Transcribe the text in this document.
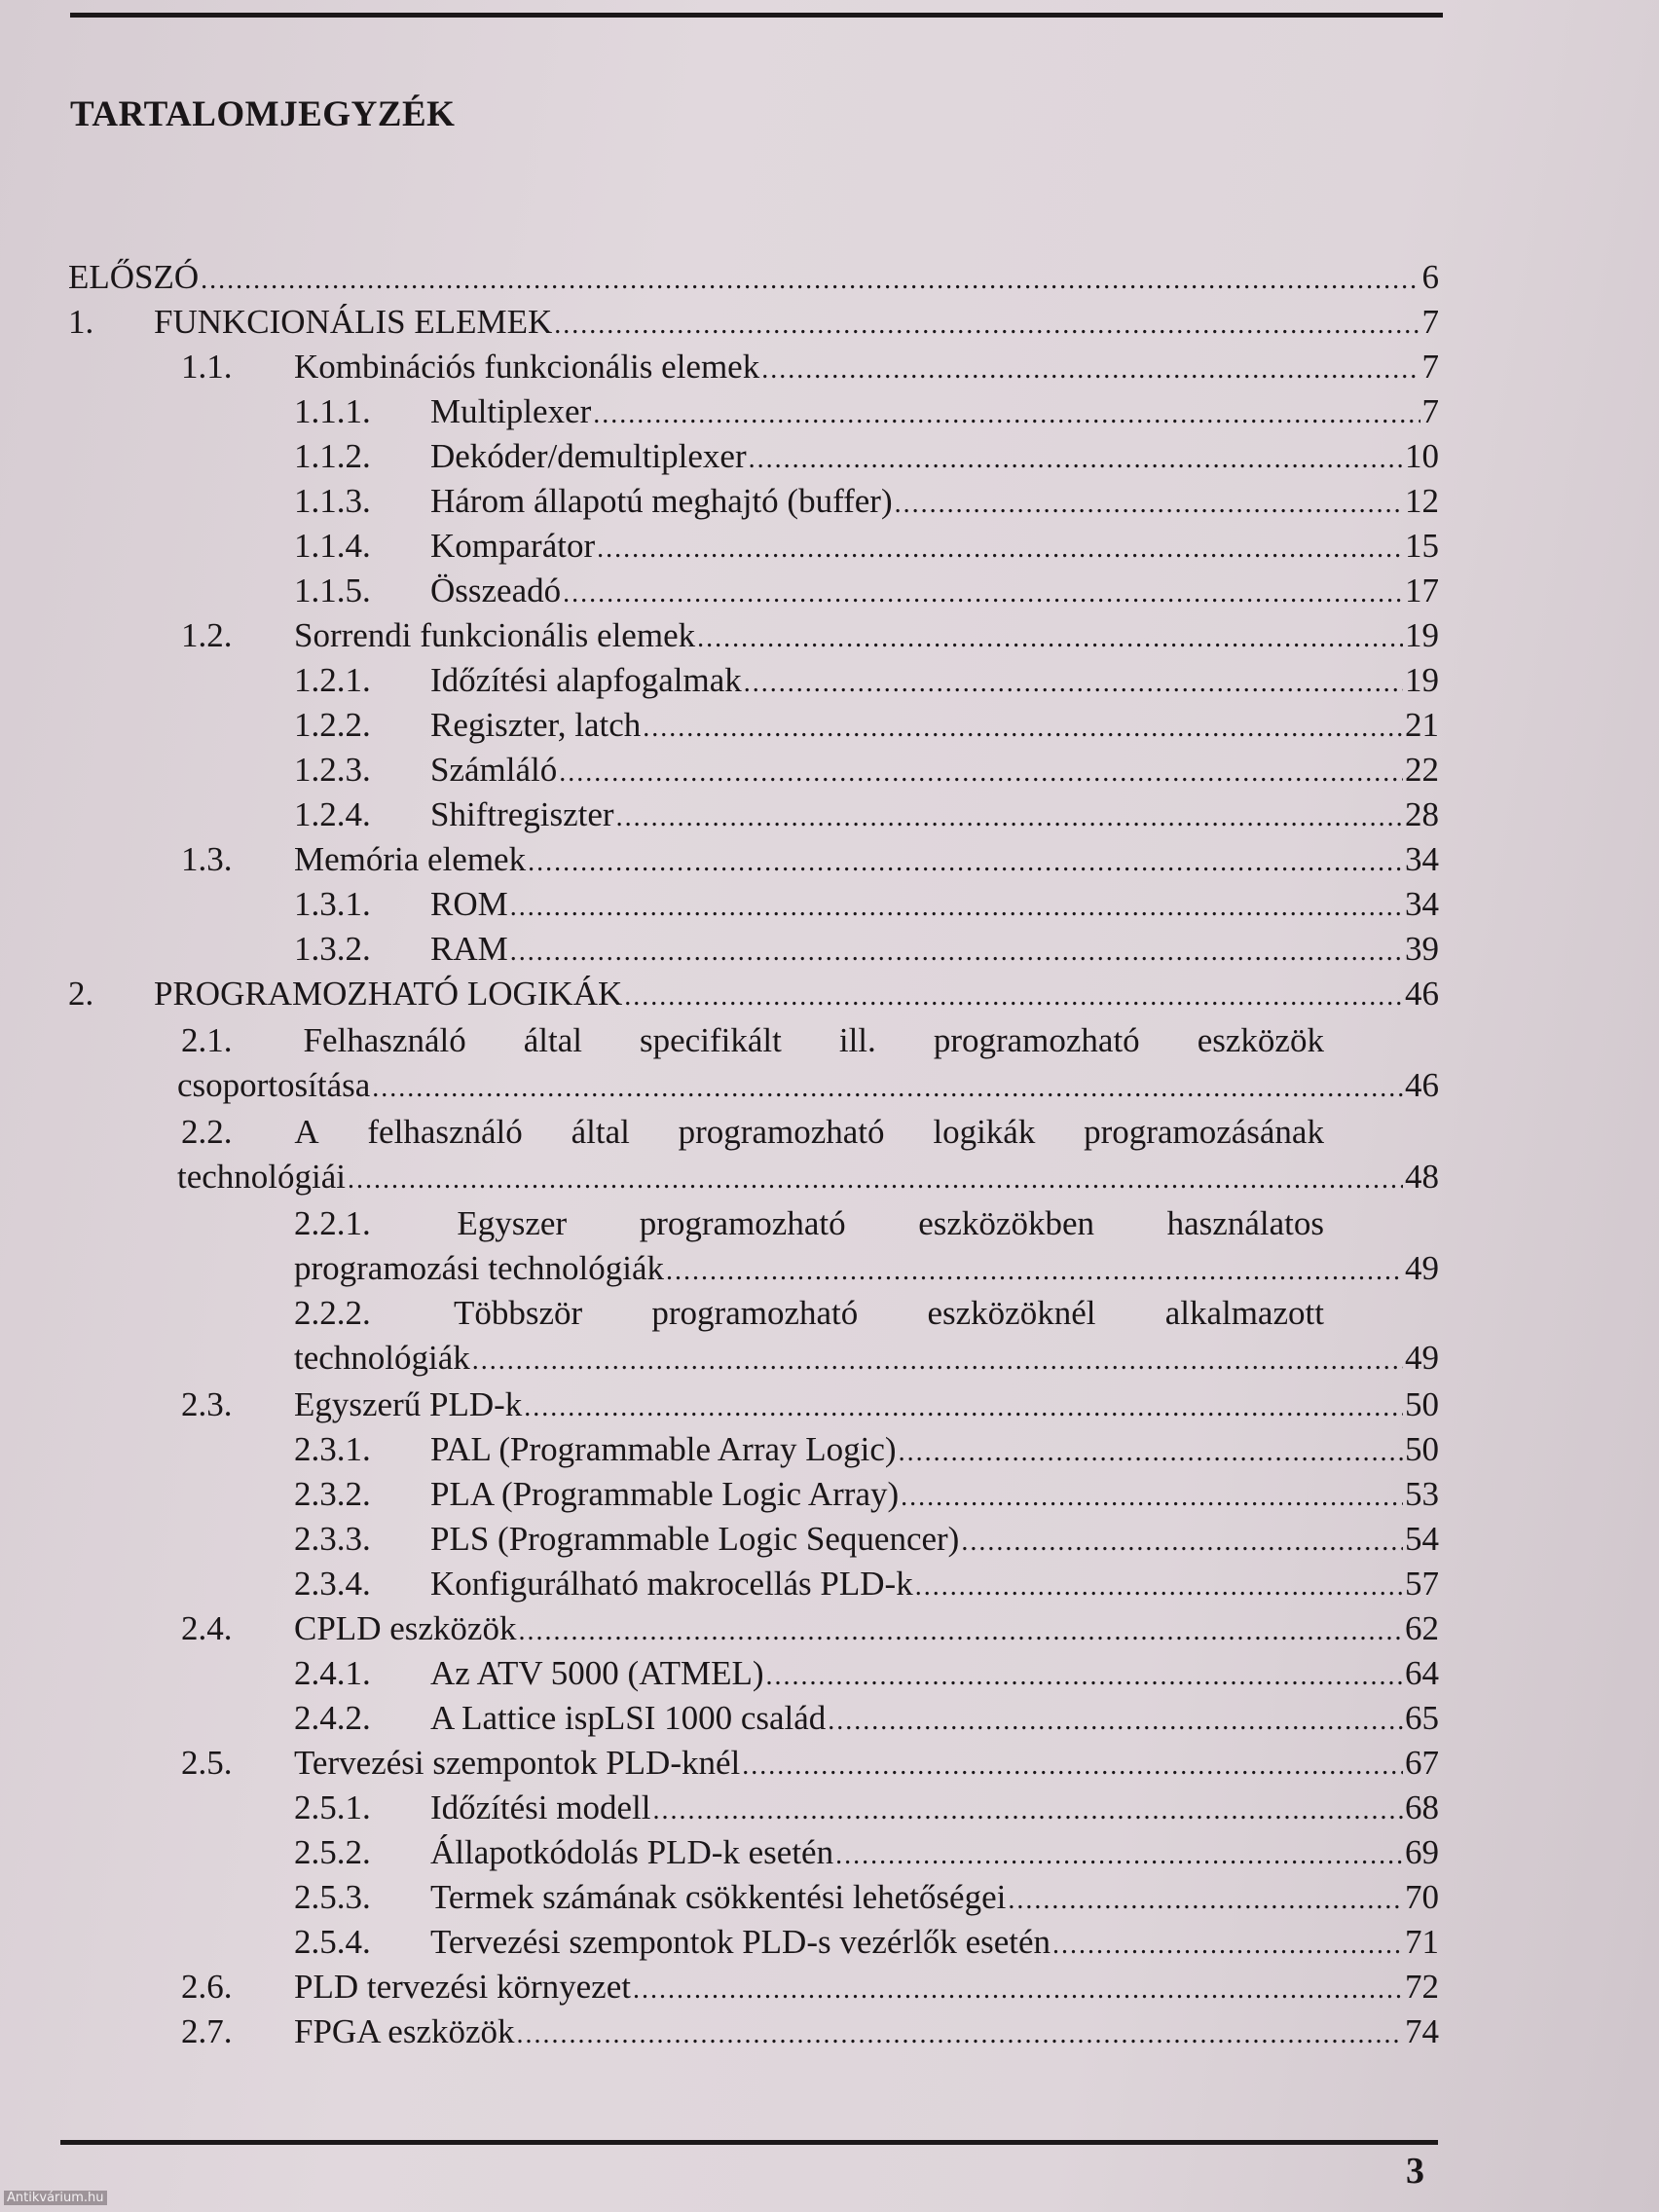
TARTALOMJEGYZÉK
ELŐSZÓ .....	6
1.	FUNKCIONÁLIS ELEMEK .....	7
1.1.	Kombinációs funkcionális elemek .....	7
1.1.1.	Multiplexer .....	7
1.1.2.	Dekóder/demultiplexer .....	10
1.1.3.	Három állapotú meghajtó (buffer) .....	12
1.1.4.	Komparátor .....	15
1.1.5.	Összeadó .....	17
1.2.	Sorrendi funkcionális elemek .....	19
1.2.1.	Időzítési alapfogalmak .....	19
1.2.2.	Regiszter, latch .....	21
1.2.3.	Számláló .....	22
1.2.4.	Shiftregiszter .....	28
1.3.	Memória elemek .....	34
1.3.1.	ROM .....	34
1.3.2.	RAM .....	39
2.	PROGRAMOZHATÓ LOGIKÁK .....	46
2.1. Felhasználó által specifikált ill. programozható eszközök
csoportosítása .....	46
2.2. A felhasználó által programozható logikák programozásának
technológiái .....	48
2.2.1.	Egyszer programozható eszközökben használatos
programozási technológiák .....	49
2.2.2. Többször programozható eszközöknél alkalmazott
technológiák .....	49
2.3.	Egyszerű PLD-k .....	50
2.3.1.	PAL (Programmable Array Logic) .....	50
2.3.2.	PLA (Programmable Logic Array) .....	53
2.3.3.	PLS (Programmable Logic Sequencer) .....	54
2.3.4.	Konfigurálható makrocellás PLD-k .....	57
2.4.	CPLD eszközök .....	62
2.4.1.	Az ATV 5000 (ATMEL) .....	64
2.4.2.	A Lattice ispLSI 1000 család .....	65
2.5.	Tervezési szempontok PLD-knél .....	67
2.5.1.	Időzítési modell .....	68
2.5.2.	Állapotkódolás PLD-k esetén .....	69
2.5.3.	Termek számának csökkentési lehetőségei .....	70
2.5.4.	Tervezési szempontok PLD-s vezérlők esetén .....	71
2.6.	PLD tervezési környezet .....	72
2.7.	FPGA eszközök .....	74
3
Antikvárium.hu
